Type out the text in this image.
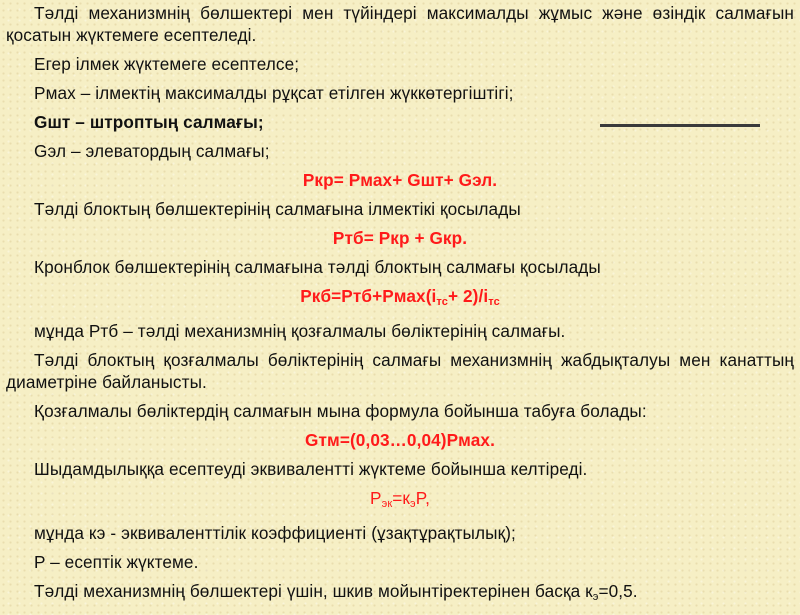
Тәлді механизмнің бөлшектері мен түйіндері максималды жұмыс және өзіндік салмағын қосатын жүктемеге есептеледі.

Егер ілмек жүктемеге есептелсе;

Pмах – ілмектің максималды рұқсат етілген жүккөтергіштігі;

Gшт – штроптың салмағы;

Gэл – элеватордың салмағы;

Pкр= Pмах+ Gшт+ Gэл.

Тәлді блоктың бөлшектерінің салмағына ілмектікі қосылады

Pтб= Pкр + Gкр.

Кронблок бөлшектерінің салмағына тәлді блоктың салмағы қосылады

$Pкб=Pтб+Pмах(i_{тс}+ 2)/i_{тс}$

мұнда Pтб – тәлді механизмнің қозғалмалы бөліктерінің салмағы.

Тәлді блоктың қозғалмалы бөліктерінің салмағы механизмнің жабдықталуы мен канаттың диаметріне байланысты.

Қозғалмалы бөліктердің салмағын мына формула бойынша табуға болады:

Gтм=(0,03…0,04)Pмах.

Шыдамдылыққа есептеуді эквивалентті жүктеме бойынша келтіреді.

$P_{эк}=к_эP$,

мұнда кэ - эквиваленттілік коэффициенті (ұзақтұрақтылық);

P – есептік жүктеме.

Тәлді механизмнің бөлшектері үшін, шкив мойынтіректерінен басқа $к_э=0,5$.
